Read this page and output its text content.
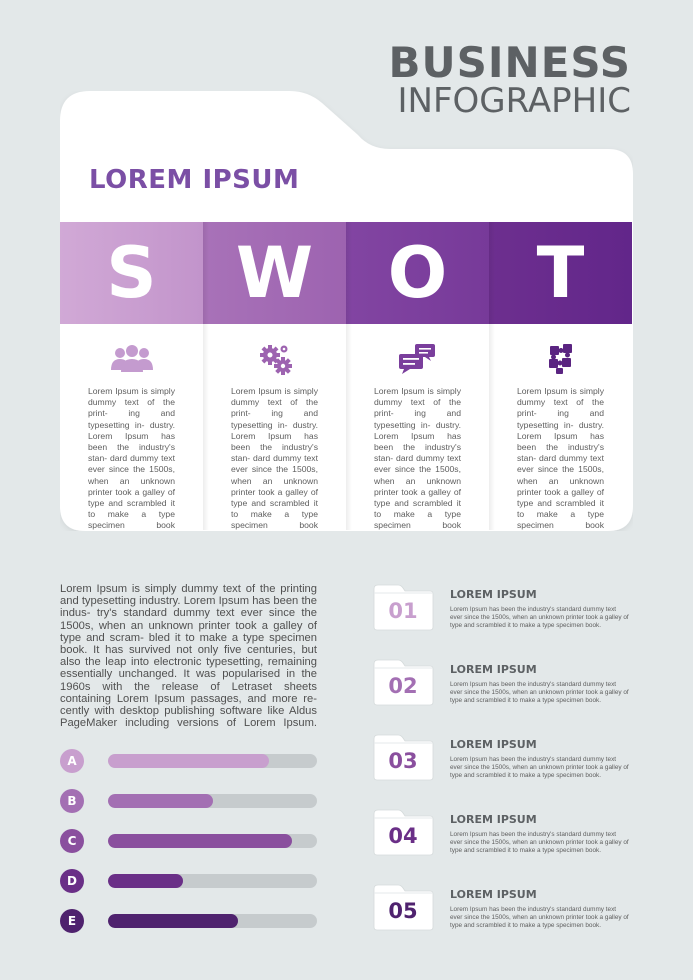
BUSINESS
INFOGRAPHIC
LOREM IPSUM
S
Lorem Ipsum is simply dummy text of the print- ing and typesetting in- dustry. Lorem Ipsum has been the industry's stan- dard dummy text ever since the 1500s, when an unknown printer took a galley of type and scrambled it to make a type specimen book
W
Lorem Ipsum is simply dummy text of the print- ing and typesetting in- dustry. Lorem Ipsum has been the industry's stan- dard dummy text ever since the 1500s, when an unknown printer took a galley of type and scrambled it to make a type specimen book
O
Lorem Ipsum is simply dummy text of the print- ing and typesetting in- dustry. Lorem Ipsum has been the industry's stan- dard dummy text ever since the 1500s, when an unknown printer took a galley of type and scrambled it to make a type specimen book
T
Lorem Ipsum is simply dummy text of the print- ing and typesetting in- dustry. Lorem Ipsum has been the industry's stan- dard dummy text ever since the 1500s, when an unknown printer took a galley of type and scrambled it to make a type specimen book
Lorem Ipsum is simply dummy text of the printing and typesetting industry. Lorem Ipsum has been the indus- try's standard dummy text ever since the 1500s, when an unknown printer took a galley of type and scram- bled it to make a type specimen book. It has survived not only five centuries, but also the leap into electronic typesetting, remaining essentially unchanged. It was popularised in the 1960s with the release of Letraset sheets containing Lorem Ipsum passages, and more re- cently with desktop publishing software like Aldus PageMaker including versions of Lorem Ipsum.
A
B
C
D
E
01
LOREM IPSUM
Lorem Ipsum has been the industry's standard dummy text ever since the 1500s, when an unknown printer took a galley of type and scrambled it to make a type specimen book.
02
LOREM IPSUM
Lorem Ipsum has been the industry's standard dummy text ever since the 1500s, when an unknown printer took a galley of type and scrambled it to make a type specimen book.
03
LOREM IPSUM
Lorem Ipsum has been the industry's standard dummy text ever since the 1500s, when an unknown printer took a galley of type and scrambled it to make a type specimen book.
04
LOREM IPSUM
Lorem Ipsum has been the industry's standard dummy text ever since the 1500s, when an unknown printer took a galley of type and scrambled it to make a type specimen book.
05
LOREM IPSUM
Lorem Ipsum has been the industry's standard dummy text ever since the 1500s, when an unknown printer took a galley of type and scrambled it to make a type specimen book.
